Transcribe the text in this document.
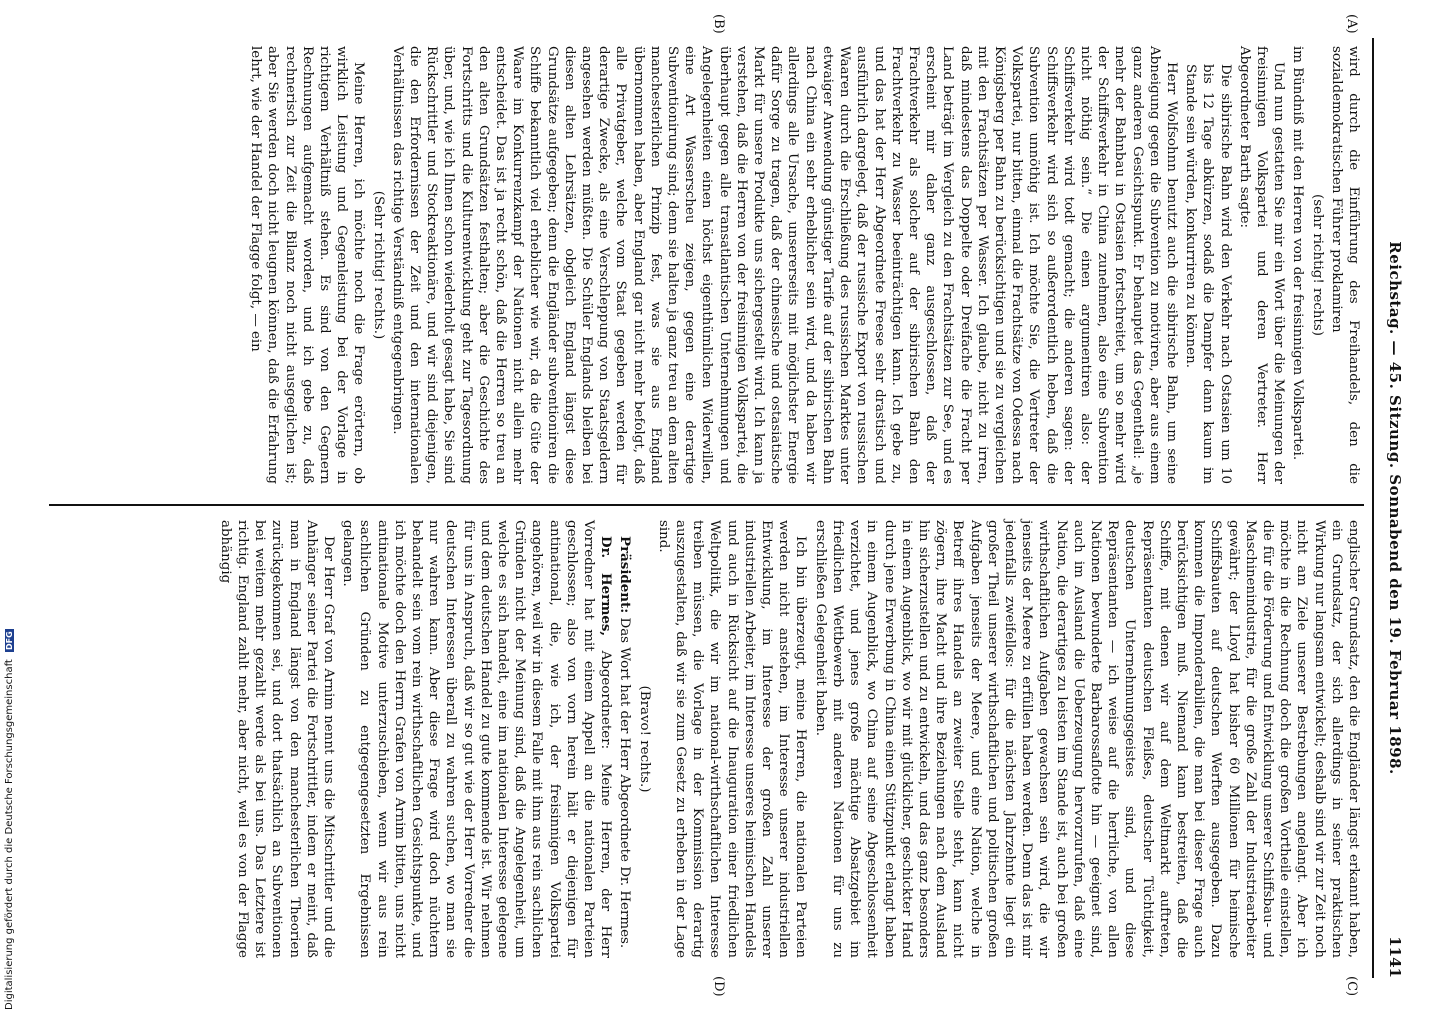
Reichstag. — 45. Sitzung. Sonnabend den 19. Februar 1898.
1141
(A)
(B)
(C)
(D)

wird durch die Einführung des Freihandels, den die sozialdemokratischen Führer proklamiren

(sehr richtig! rechts)

im Bündniß mit den Herren von der freisinnigen Volkspartei.

Und nun gestatten Sie mir ein Wort über die Meinungen der freisinnigen Volkspartei und deren Vertreter. Herr Abgeordneter Barth sagte:

Die sibirische Bahn wird den Verkehr nach Ostasien um 10 bis 12 Tage abkürzen, sodaß die Dampfer dann kaum im Stande sein würden, konkurriren zu können.

Herr Wolfsohnn benutzt auch die sibirische Bahn, um seine Abneigung gegen die Subvention zu motiviren, aber aus einem ganz anderen Gesichtspunkt. Er behauptet das Gegentheil: „je mehr der Bahnbau in Ostasien fortschreitet, um so mehr wird der Schiffsverkehr in China zunehmen, also eine Subvention nicht nöthig sein.“ Die einen argumentiren also: der Schiffsverkehr wird todt gemacht; die anderen sagen: der Schiffsverkehr wird sich so außerordentlich heben, daß die Subvention unnöthig ist. Ich möchte Sie, die Vertreter der Volkspartei, nur bitten, einmal die Frachtsätze von Odessa nach Königsberg per Bahn zu berücksichtigen und sie zu vergleichen mit den Frachtsätzen per Wasser. Ich glaube, nicht zu irren, daß mindestens das Doppelte oder Dreifache die Fracht per Land beträgt im Vergleich zu den Frachtsätzen zur See, und es erscheint mir daher ganz ausgeschlossen, daß der Frachtverkehr als solcher auf der sibirischen Bahn den Frachtverkehr zu Wasser beeinträchtigen kann. Ich gebe zu, und das hat der Herr Abgeordnete Freese sehr drastisch und ausführlich dargelegt, daß der russische Export von russischen Waaren durch die Erschließung des russischen Marktes unter etwaiger Anwendung günstiger Tarife auf der sibirischen Bahn nach China ein sehr erheblicher sein wird, und da haben wir allerdings alle Ursache, unsererseits mit möglichster Energie dafür Sorge zu tragen, daß der chinesische und ostasiatische Markt für unsere Produkte uns sichergestellt wird. Ich kann ja verstehen, daß die Herren von der freisinnigen Volkspartei, die überhaupt gegen alle transatlantischen Unternehmungen und Angelegenheiten einen höchst eigenthümlichen Widerwillen, eine Art Wasserscheu zeigen, gegen eine derartige Subventionirung sind; denn sie halten ja ganz treu an dem alten manchesterlichen Prinzip fest, was sie aus England übernommen haben, aber England gar nicht mehr befolgt, daß alle Privatgeber, welche vom Staat gegeben werden für derartige Zwecke, als eine Verschleppung von Staatsgeldern angesehen werden müßten. Die Schüler Englands bleiben bei diesen alten Lehrsätzen, obgleich England längst diese Grundsätze aufgegeben; denn die Engländer subventioniren die Schiffe bekanntlich viel erheblicher wie wir, da die Güte der Waare im Konkurrenzkampf der Nationen nicht allein mehr entscheidet. Das ist ja recht schön, daß die Herren so treu an den alten Grundsätzen festhalten; aber die Geschichte des Fortschritts und die Kulturentwicklung geht zur Tagesordnung über, und, wie ich Ihnen schon wiederholt gesagt habe, Sie sind Rückschrittler und Stockreaktionäre, und wir sind diejenigen, die den Erfordernissen der Zeit und den internationalen Verhältnissen das richtige Verständniß entgegenbringen.

(Sehr richtig! rechts.)

Meine Herren, ich möchte noch die Frage erörtern, ob wirklich Leistung und Gegenleistung bei der Vorlage in richtigem Verhältniß stehen. Es sind von den Gegnern Rechnungen aufgemacht worden, und ich gebe zu, daß rechnerisch zur Zeit die Bilanz noch nicht ausgeglichen ist; aber Sie werden doch nicht leugnen können, daß die Erfahrung lehrt, wie der Handel der Flagge folgt, — ein

englischer Grundsatz, den die Engländer längst erkannt haben, ein Grundsatz, der sich allerdings in seiner praktischen Wirkung nur langsam entwickelt; deshalb sind wir zur Zeit noch nicht am Ziele unserer Bestrebungen angelangt. Aber ich möchte in die Rechnung doch die großen Vortheile einstellen, die für die Förderung und Entwicklung unserer Schiffsbau- und Maschinenindustrie, für die große Zahl der Industriearbeiter gewährt; der Lloyd hat bisher 60 Millionen für heimische Schiffsbauten auf deutschen Werften ausgegeben. Dazu kommen die Imponderabilien, die man bei dieser Frage auch berücksichtigen muß. Niemand kann bestreiten, daß die Schiffe, mit denen wir auf dem Weltmarkt auftreten, Repräsentanten deutschen Fleißes, deutscher Tüchtigkeit, deutschen Unternehmungsgeistes sind, und diese Repräsentanten — ich weise auf die herrliche, von allen Nationen bewunderte Barbarossaflotte hin — geeignet sind, auch im Ausland die Ueberzeugung hervorzurufen, daß eine Nation, die derartiges zu leisten im Stande ist, auch bei großen wirthschaftlichen Aufgaben gewachsen sein wird, die wir jenseits der Meere zu erfüllen haben werden. Denn das ist mir jedenfalls zweifellos: für die nächsten Jahrzehnte liegt ein großer Theil unserer wirthschaftlichen und politischen großen Aufgaben jenseits der Meere, und eine Nation, welche in Betreff ihres Handels an zweiter Stelle steht, kann nicht zögern, ihre Macht und ihre Beziehungen nach dem Ausland hin sicherzustellen und zu entwickeln, und das ganz besonders in einem Augenblick, wo wir mit glücklicher, geschickter Hand durch jene Erwerbung in China einen Stützpunkt erlangt haben in einem Augenblick, wo China auf seine Abgeschlossenheit verzichtet, und jenes große mächtige Absatzgebiet im friedlichen Wettbewerb mit anderen Nationen für uns zu erschließen Gelegenheit haben.

Ich bin überzeugt, meine Herren, die nationalen Parteien werden nicht anstehen, im Interesse unserer industriellen Entwicklung, im Interesse der großen Zahl unserer industriellen Arbeiter, im Interesse unseres heimischen Handels und auch in Rücksicht auf die Inauguration einer friedlichen Weltpolitik, die wir im national-wirthschaftlichen Interesse treiben müssen, die Vorlage in der Kommission derartig auszugestalten, daß wir sie zum Gesetz zu erheben in der Lage sind.

(Bravo! rechts.)

Präsident: Das Wort hat der Herr Abgeordnete Dr. Hermes.

Dr. Hermes, Abgeordneter: Meine Herren, der Herr Vorredner hat mit einem Appell an die nationalen Parteien geschlossen; also von vorn herein hält er diejenigen für antinational, die, wie ich, der freisinnigen Volkspartei angehören, weil wir in diesem Falle mit ihm aus rein sachlichen Gründen nicht der Meinung sind, daß die Angelegenheit, um welche es sich handelt, eine im nationalen Interesse gelegene und dem deutschen Handel zu gute kommende ist. Wir nehmen für uns in Anspruch, daß wir so gut wie der Herr Vorredner die deutschen Interessen überall zu wahren suchen, wo man sie nur wahren kann. Aber diese Frage wird doch nüchtern behandelt sein vom rein wirthschaftlichen Gesichtspunkte, und ich möchte doch den Herrn Grafen von Arnim bitten, uns nicht antinationale Motive unterzuschieben, wenn wir aus rein sachlichen Gründen zu entgegengesetzten Ergebnissen gelangen.

Der Herr Graf von Arnim nennt uns die Mitschrittler und die Anhänger seiner Partei die Fortschrittler, indem er meint, daß man in England längst von den manchesterlichen Theorien zurückgekommen sei, und dort thatsächlich an Subventionen bei weitem mehr gezahlt werde als bei uns. Das Letztere ist richtig. England zahlt mehr, aber nicht, weil es von der Flagge abhängig

Digitalisierung gefördert durch die Deutsche Forschungsgemeinschaft DFG
